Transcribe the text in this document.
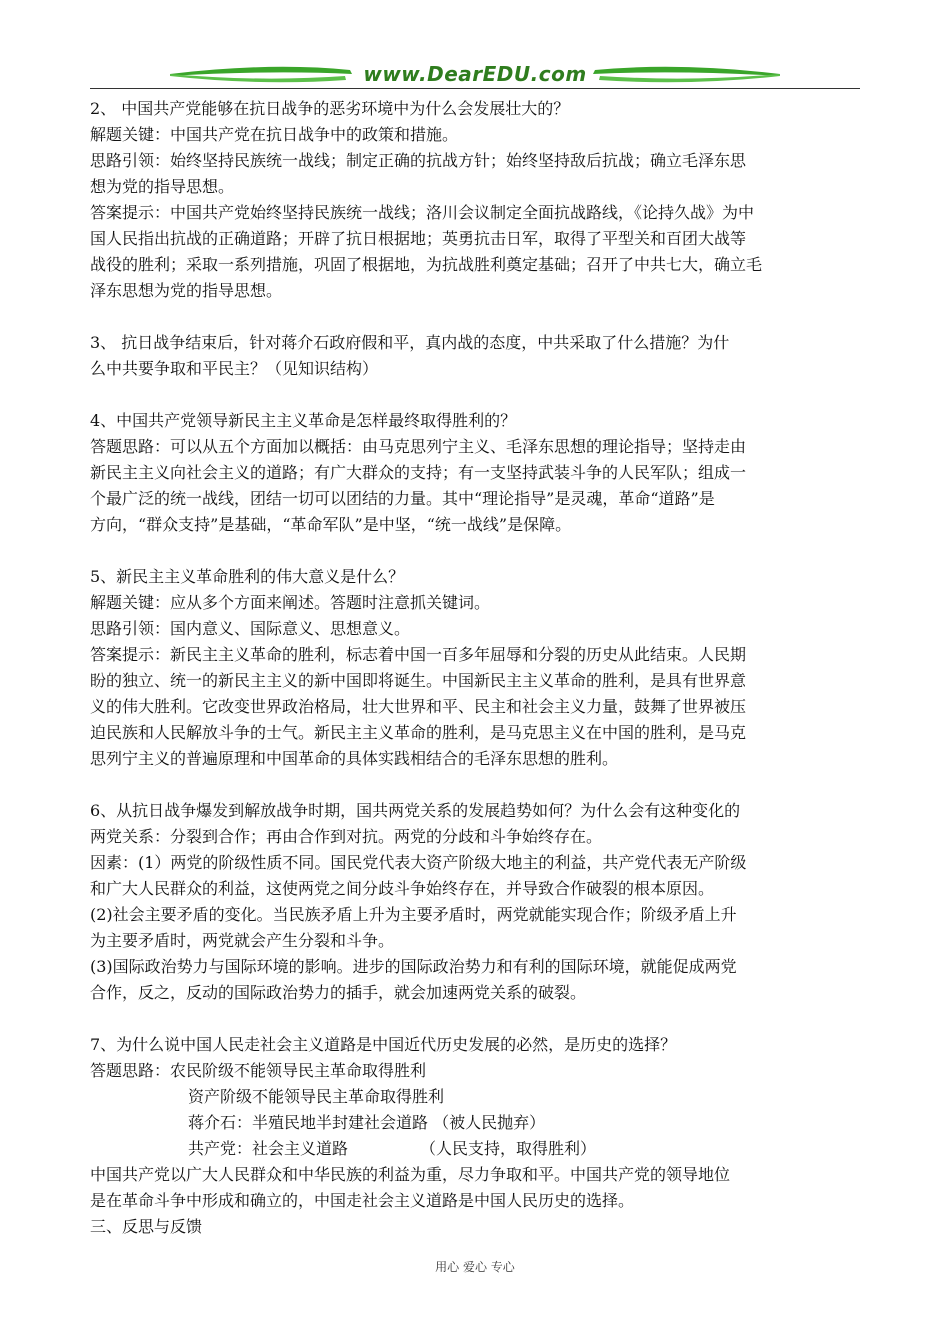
www.DearEDU.com
2、 中国共产党能够在抗日战争的恶劣环境中为什么会发展壮大的？
解题关键：中国共产党在抗日战争中的政策和措施。
思路引领：始终坚持民族统一战线；制定正确的抗战方针；始终坚持敌后抗战；确立毛泽东思
想为党的指导思想。
答案提示：中国共产党始终坚持民族统一战线；洛川会议制定全面抗战路线，《论持久战》为中
国人民指出抗战的正确道路；开辟了抗日根据地；英勇抗击日军，取得了平型关和百团大战等
战役的胜利；采取一系列措施，巩固了根据地，为抗战胜利奠定基础；召开了中共七大，确立毛
泽东思想为党的指导思想。
3、 抗日战争结束后，针对蒋介石政府假和平，真内战的态度，中共采取了什么措施？为什
么中共要争取和平民主？（见知识结构）
4、中国共产党领导新民主主义革命是怎样最终取得胜利的？
答题思路：可以从五个方面加以概括：由马克思列宁主义、毛泽东思想的理论指导；坚持走由
新民主主义向社会主义的道路；有广大群众的支持；有一支坚持武装斗争的人民军队；组成一
个最广泛的统一战线，团结一切可以团结的力量。其中“理论指导”是灵魂，革命“道路”是
方向，“群众支持”是基础，“革命军队”是中坚，“统一战线”是保障。
5、新民主主义革命胜利的伟大意义是什么？
解题关键：应从多个方面来阐述。答题时注意抓关键词。
思路引领：国内意义、国际意义、思想意义。
答案提示：新民主主义革命的胜利，标志着中国一百多年屈辱和分裂的历史从此结束。人民期
盼的独立、统一的新民主主义的新中国即将诞生。中国新民主主义革命的胜利，是具有世界意
义的伟大胜利。它改变世界政治格局，壮大世界和平、民主和社会主义力量，鼓舞了世界被压
迫民族和人民解放斗争的士气。新民主主义革命的胜利，是马克思主义在中国的胜利，是马克
思列宁主义的普遍原理和中国革命的具体实践相结合的毛泽东思想的胜利。
6、从抗日战争爆发到解放战争时期，国共两党关系的发展趋势如何？为什么会有这种变化的
两党关系：分裂到合作；再由合作到对抗。两党的分歧和斗争始终存在。
因素：(1）两党的阶级性质不同。国民党代表大资产阶级大地主的利益，共产党代表无产阶级
和广大人民群众的利益，这使两党之间分歧斗争始终存在，并导致合作破裂的根本原因。
(2)社会主要矛盾的变化。当民族矛盾上升为主要矛盾时，两党就能实现合作；阶级矛盾上升
为主要矛盾时，两党就会产生分裂和斗争。
(3)国际政治势力与国际环境的影响。进步的国际政治势力和有利的国际环境，就能促成两党
合作，反之，反动的国际政治势力的插手，就会加速两党关系的破裂。
7、为什么说中国人民走社会主义道路是中国近代历史发展的必然，是历史的选择？
答题思路：农民阶级不能领导民主革命取得胜利
资产阶级不能领导民主革命取得胜利
蒋介石：半殖民地半封建社会道路 （被人民抛弃）
共产党：社会主义道路	（人民支持，取得胜利）
中国共产党以广大人民群众和中华民族的利益为重，尽力争取和平。中国共产党的领导地位
是在革命斗争中形成和确立的，中国走社会主义道路是中国人民历史的选择。
三、反思与反馈
用心 爱心 专心
